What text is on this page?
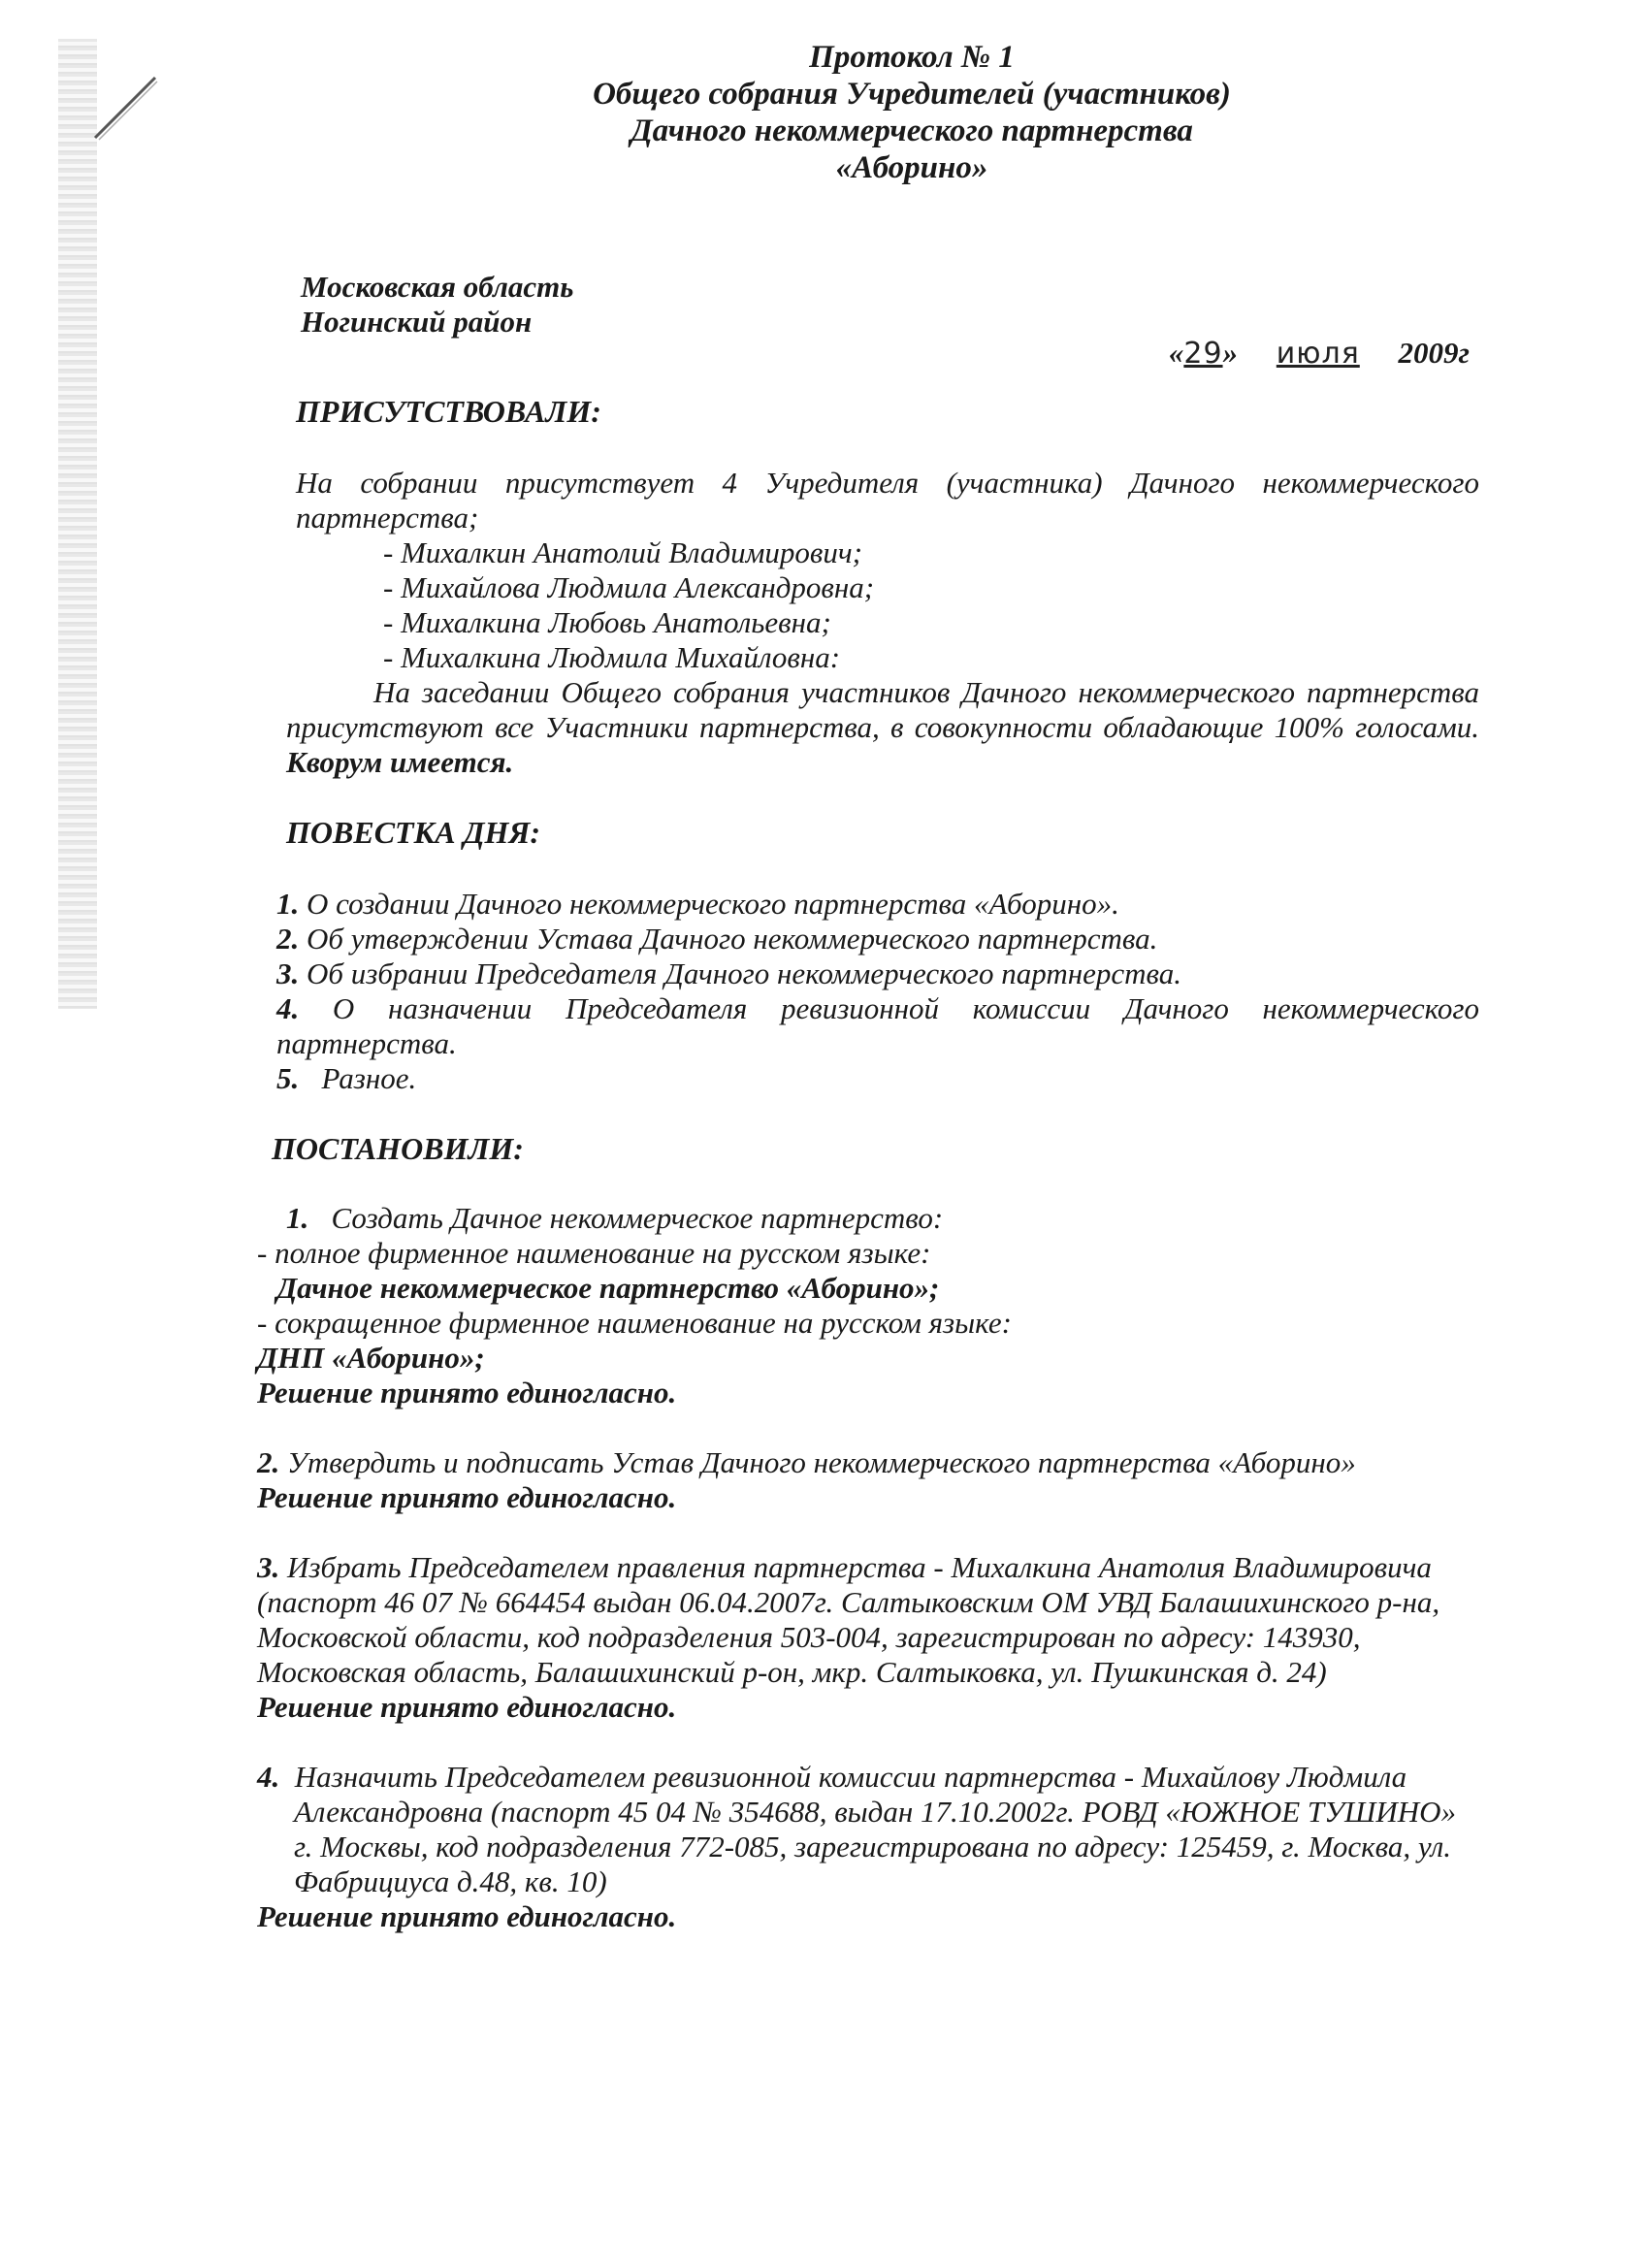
Протокол № 1
Общего собрания Учредителей (участников)
Дачного некоммерческого партнерства
«Аборино»
Московская область
Ногинский район
«29» июля 2009г
ПРИСУТСТВОВАЛИ:
На собрании присутствует 4 Учредителя (участника) Дачного некоммерческого партнерства;
- Михалкин Анатолий Владимирович;
- Михайлова Людмила Александровна;
- Михалкина Любовь Анатольевна;
- Михалкина Людмила Михайловна:
На заседании Общего собрания участников Дачного некоммерческого партнерства присутствуют все Участники партнерства, в совокупности обладающие 100% голосами. Кворум имеется.
ПОВЕСТКА ДНЯ:
1. О создании Дачного некоммерческого партнерства «Аборино».
2. Об утверждении Устава Дачного некоммерческого партнерства.
3. Об избрании Председателя Дачного некоммерческого партнерства.
4. О назначении Председателя ревизионной комиссии Дачного некоммерческого партнерства.
5. Разное.
ПОСТАНОВИЛИ:
1. Создать Дачное некоммерческое партнерство:
- полное фирменное наименование на русском языке:
Дачное некоммерческое партнерство «Аборино»;
- сокращенное фирменное наименование на русском языке:
ДНП «Аборино»;
Решение принято единогласно.
2. Утвердить и подписать Устав Дачного некоммерческого партнерства «Аборино»
Решение принято единогласно.
3. Избрать Председателем правления партнерства - Михалкина Анатолия Владимировича (паспорт 46 07 № 664454 выдан 06.04.2007г. Салтыковским ОМ УВД Балашихинского р-на, Московской области, код подразделения 503-004, зарегистрирован по адресу: 143930, Московская область, Балашихинский р-он, мкр. Салтыковка, ул. Пушкинская д. 24)
Решение принято единогласно.
4. Назначить Председателем ревизионной комиссии партнерства - Михайлову Людмила Александровна (паспорт 45 04 № 354688, выдан 17.10.2002г. РОВД «ЮЖНОЕ ТУШИНО» г. Москвы, код подразделения 772-085, зарегистрирована по адресу: 125459, г. Москва, ул. Фабрициуса д.48, кв. 10)
Решение принято единогласно.
